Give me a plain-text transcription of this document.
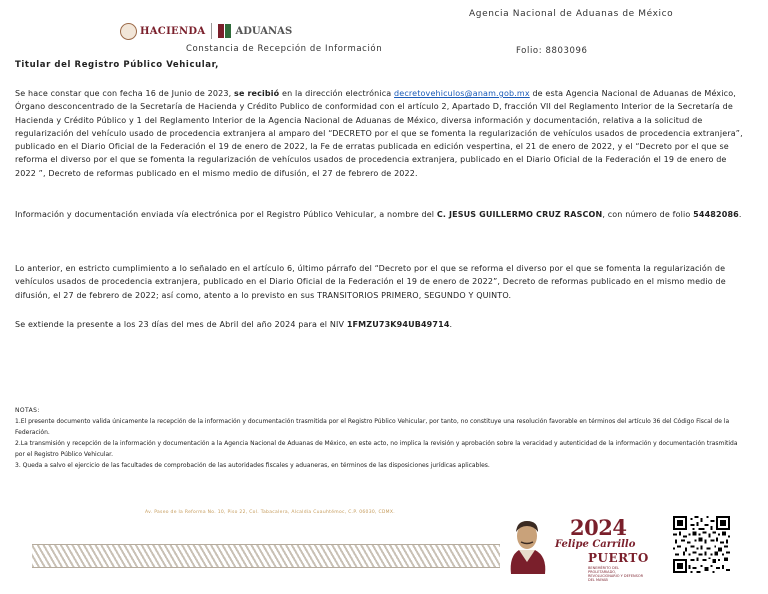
HACIENDA	ADUANAS
Agencia Nacional de Aduanas de México
Constancia de Recepción de Información	Folio: 8803096
Titular del Registro Público Vehicular,
Se hace constar que con fecha 16 de Junio de 2023, se recibió en la dirección electrónica decretovehiculos@anam.gob.mx de esta Agencia Nacional de Aduanas de México, Órgano desconcentrado de la Secretaría de Hacienda y Crédito Publico de conformidad con el artículo 2, Apartado D, fracción VII del Reglamento Interior de la Secretaría de Hacienda y Crédito Público y 1 del Reglamento Interior de la Agencia Nacional de Aduanas de México, diversa información y documentación, relativa a la solicitud de regularización del vehículo usado de procedencia extranjera al amparo del “DECRETO por el que se fomenta la regularización de vehículos usados de procedencia extranjera”, publicado en el Diario Oficial de la Federación el 19 de enero de 2022, la Fe de erratas publicada en edición vespertina, el 21 de enero de 2022, y el “Decreto por el que se reforma el diverso por el que se fomenta la regularización de vehículos usados de procedencia extranjera, publicado en el Diario Oficial de la Federación el 19 de enero de 2022 ”, Decreto de reformas publicado en el mismo medio de difusión, el 27 de febrero de 2022.
Información y documentación enviada vía electrónica por el Registro Público Vehicular, a nombre del C. JESUS GUILLERMO CRUZ RASCON, con número de folio 54482086.
Lo anterior, en estricto cumplimiento a lo señalado en el artículo 6, último párrafo del “Decreto por el que se reforma el diverso por el que se fomenta la regularización de vehículos usados de procedencia extranjera, publicado en el Diario Oficial de la Federación el 19 de enero de 2022”, Decreto de reformas publicado en el mismo medio de difusión, el 27 de febrero de 2022; así como, atento a lo previsto en sus TRANSITORIOS PRIMERO, SEGUNDO Y QUINTO.
Se extiende la presente a los 23 días del mes de Abril del año 2024 para el NIV 1FMZU73K94UB49714.
NOTAS:
1.El presente documento valida únicamente la recepción de la información y documentación trasmitida por el Registro Público Vehicular, por tanto, no constituye una resolución favorable en términos del artículo 36 del Código Fiscal de la Federación.
2.La transmisión y recepción de la información y documentación a la Agencia Nacional de Aduanas de México, en este acto, no implica la revisión y aprobación sobre la veracidad y autenticidad de la información y documentación trasmitida por el Registro Público Vehicular.
3. Queda a salvo el ejercicio de las facultades de comprobación de las autoridades fiscales y aduaneras, en términos de las disposiciones jurídicas aplicables.
Av. Paseo de la Reforma No. 10, Piso 22, Col. Tabacalera, Alcaldía Cuauhtémoc, C.P. 06030, CDMX.
2024
Felipe Carrillo
PUERTO
BENEMÉRITO DEL PROLETARIADO, REVOLUCIONARIO Y DEFENSOR DEL MAYAB
